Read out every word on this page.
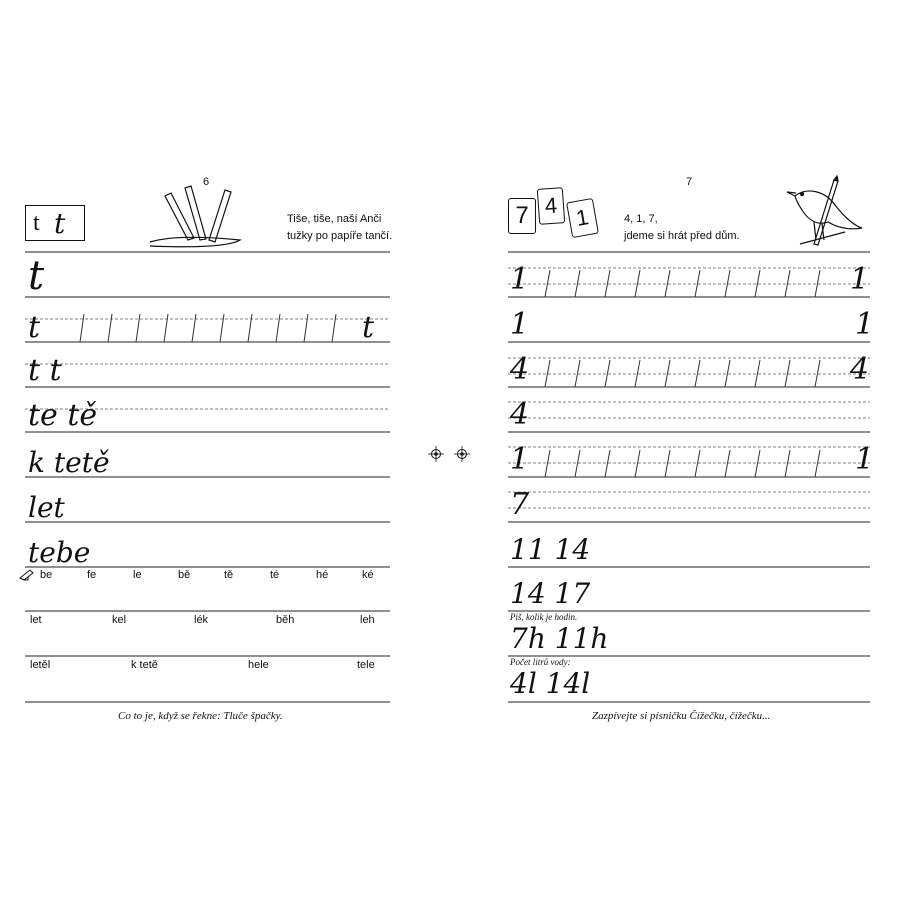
6
t t	Tiše, tiše, naší Anči
tužky po papíře tančí.
t
t	t
t t
te tě
k tetě
let
tebe
be	fe	le	bě	tě	té	hé	ké
let	kel	lék	běh	leh
letěl	k tetě	hele	tele
Co to je, když se řekne: Tluče špačky.
7
7 4 1	4, 1, 7,
jdeme si hrát před dům.
1	1
1	1
4	4
4
1	1
7
11 14
14 17
Piš, kolik je hodin.
7h 11h
Počet litrů vody:
4l 14l
Zazpívejte si písničku Čížečku, čížečku...
